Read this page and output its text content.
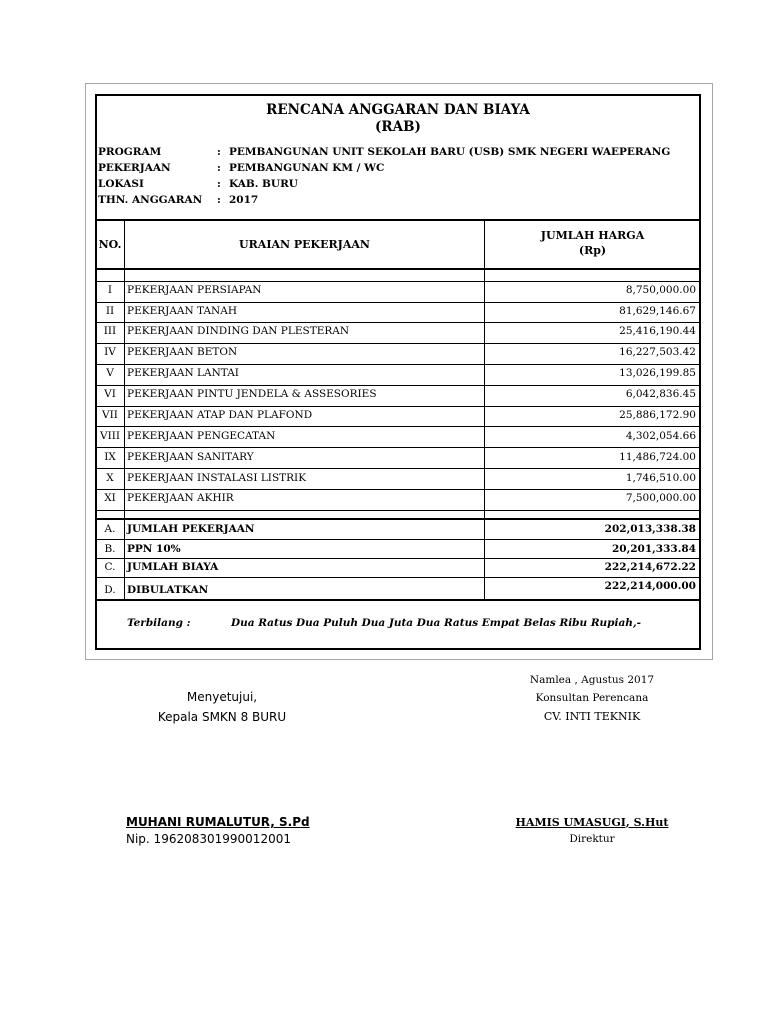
RENCANA ANGGARAN DAN BIAYA
(RAB)
PROGRAM	: PEMBANGUNAN UNIT SEKOLAH BARU (USB) SMK NEGERI WAEPERANG
PEKERJAAN	: PEMBANGUNAN KM / WC
LOKASI	: KAB. BURU
THN. ANGGARAN : 2017
NO.	URAIAN PEKERJAAN
JUMLAH HARGA
(Rp)
I	PEKERJAAN PERSIAPAN	8,750,000.00
II	PEKERJAAN TANAH	81,629,146.67
III	PEKERJAAN DINDING DAN PLESTERAN	25,416,190.44
IV	PEKERJAAN BETON	16,227,503.42
V	PEKERJAAN LANTAI	13,026,199.85
VI	PEKERJAAN PINTU JENDELA & ASSESORIES	6,042,836.45
VII PEKERJAAN ATAP DAN PLAFOND	25,886,172.90
VIII PEKERJAAN PENGECATAN	4,302,054.66
IX	PEKERJAAN SANITARY	11,486,724.00
X	PEKERJAAN INSTALASI LISTRIK	1,746,510.00
XI	PEKERJAAN AKHIR	7,500,000.00
A.	JUMLAH PEKERJAAN	202,013,338.38
B.	PPN 10%	20,201,333.84
C.	JUMLAH BIAYA	222,214,672.22
D.	DIBULATKAN	222,214,000.00
Terbilang :	Dua Ratus Dua Puluh Dua Juta Dua Ratus Empat Belas Ribu Rupiah,-
Namlea , Agustus 2017
Konsultan Perencana
CV. INTI TEKNIK
HAMIS UMASUGI, S.Hut
Direktur
Menyetujui,
Kepala SMKN 8 BURU
MUHANI RUMALUTUR, S.Pd
Nip. 196208301990012001
